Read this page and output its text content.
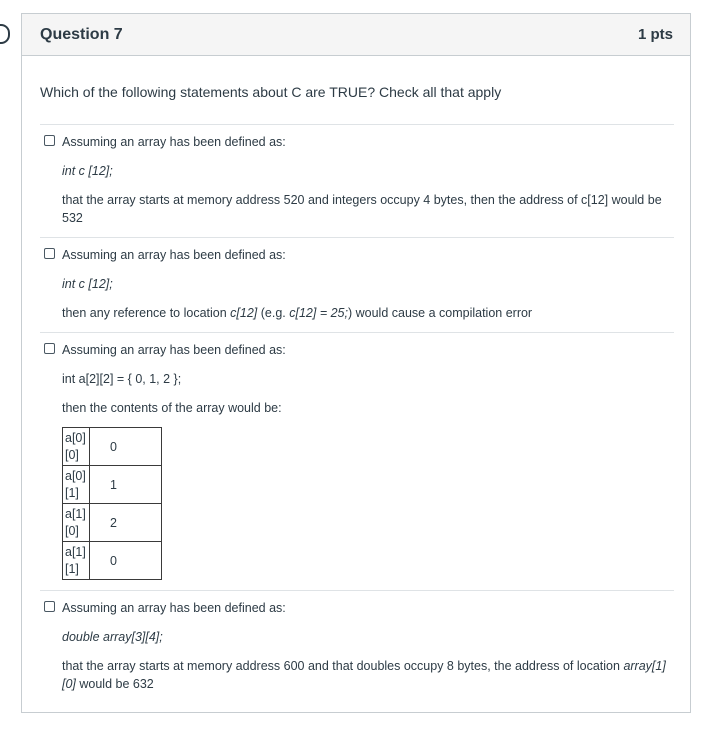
Question 7	1 pts
Which of the following statements about C are TRUE? Check all that apply

Assuming an array has been defined as:

int c [12];

that the array starts at memory address 520 and integers occupy 4 bytes, then the address of c[12] would be 532

Assuming an array has been defined as:

int c [12];

then any reference to location c[12] (e.g. c[12] = 25;) would cause a compilation error

Assuming an array has been defined as:

int a[2][2] = { 0, 1, 2 };

then the contents of the array would be:

a[0][0]	0
a[0][1]	1
a[1][0]	2
a[1][1]	0

Assuming an array has been defined as:

double array[3][4];

that the array starts at memory address 600 and that doubles occupy 8 bytes, the address of location array[1][0] would be 632
